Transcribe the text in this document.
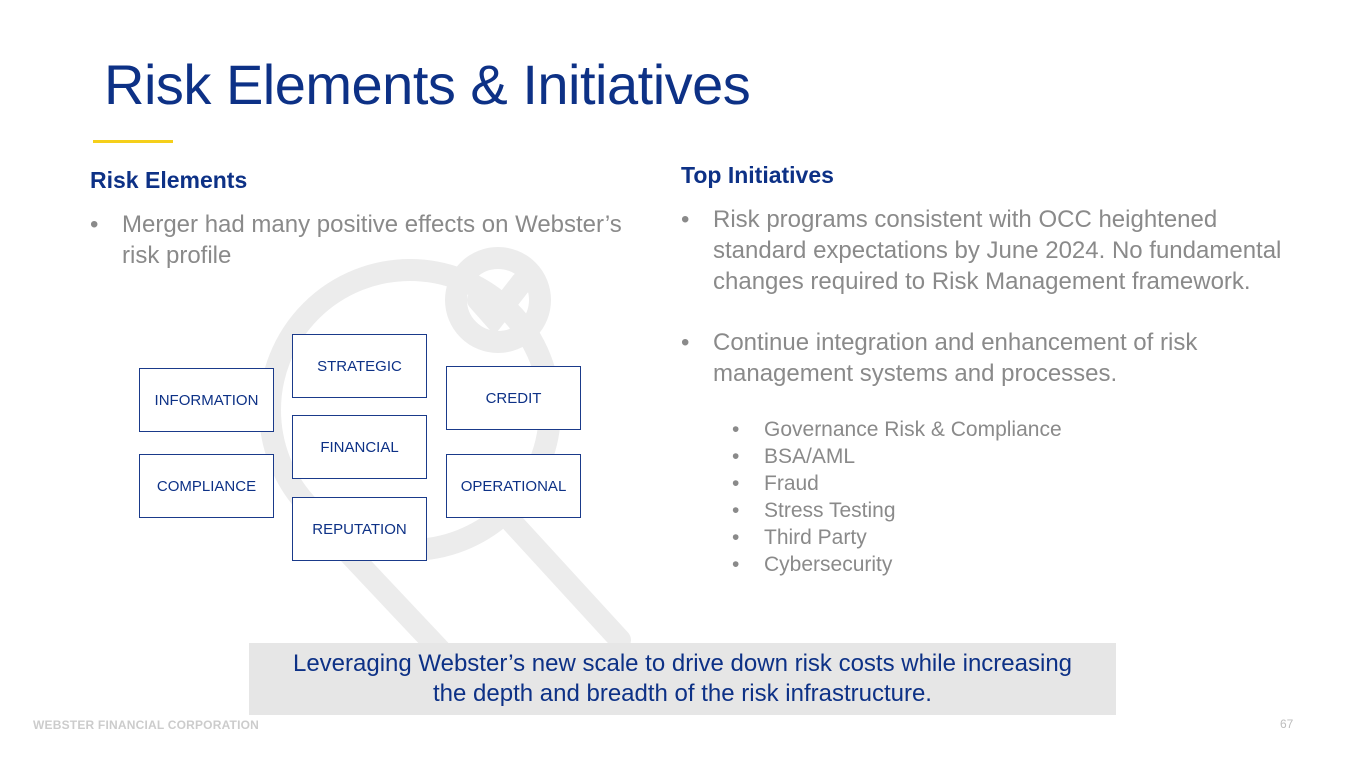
Risk Elements & Initiatives
Risk Elements
• Merger had many positive effects on Webster’s
risk profile
STRATEGIC
INFORMATION	CREDIT
FINANCIAL
COMPLIANCE	OPERATIONAL
REPUTATION
Top Initiatives
• Risk programs consistent with OCC heightened
standard expectations by June 2024. No fundamental
changes required to Risk Management framework.
• Continue integration and enhancement of risk
management systems and processes.
• Governance Risk & Compliance
• BSA/AML
• Fraud
• Stress Testing
• Third Party
• Cybersecurity
Leveraging Webster’s new scale to drive down risk costs while increasing
the depth and breadth of the risk infrastructure.
WEBSTER FINANCIAL CORPORATION	67
